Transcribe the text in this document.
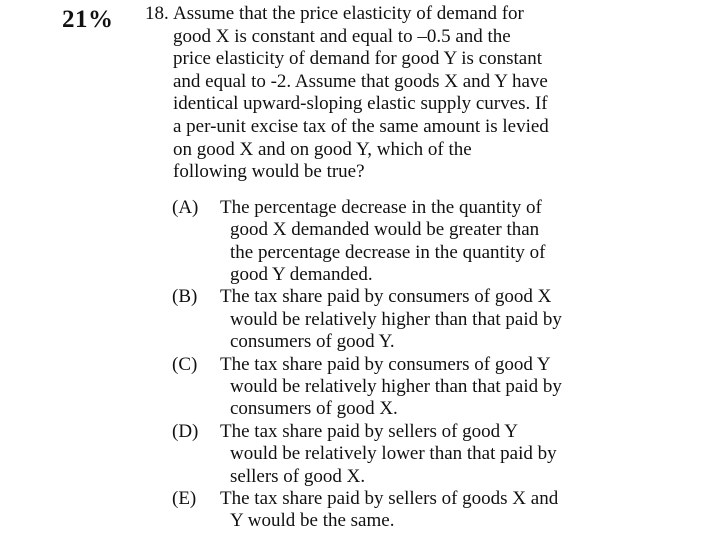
21% 18. Assume that the price elasticity of demand for
good X is constant and equal to –0.5 and the
price elasticity of demand for good Y is constant
and equal to -2. Assume that goods X and Y have
identical upward-sloping elastic supply curves. If
a per-unit excise tax of the same amount is levied
on good X and on good Y, which of the
following would be true?
(A)	The percentage decrease in the quantity of
good X demanded would be greater than
the percentage decrease in the quantity of
good Y demanded.
(B)	The tax share paid by consumers of good X
would be relatively higher than that paid by
consumers of good Y.
(C)	The tax share paid by consumers of good Y
would be relatively higher than that paid by
consumers of good X.
(D)	The tax share paid by sellers of good Y
would be relatively lower than that paid by
sellers of good X.
(E)	The tax share paid by sellers of goods X and
Y would be the same.
